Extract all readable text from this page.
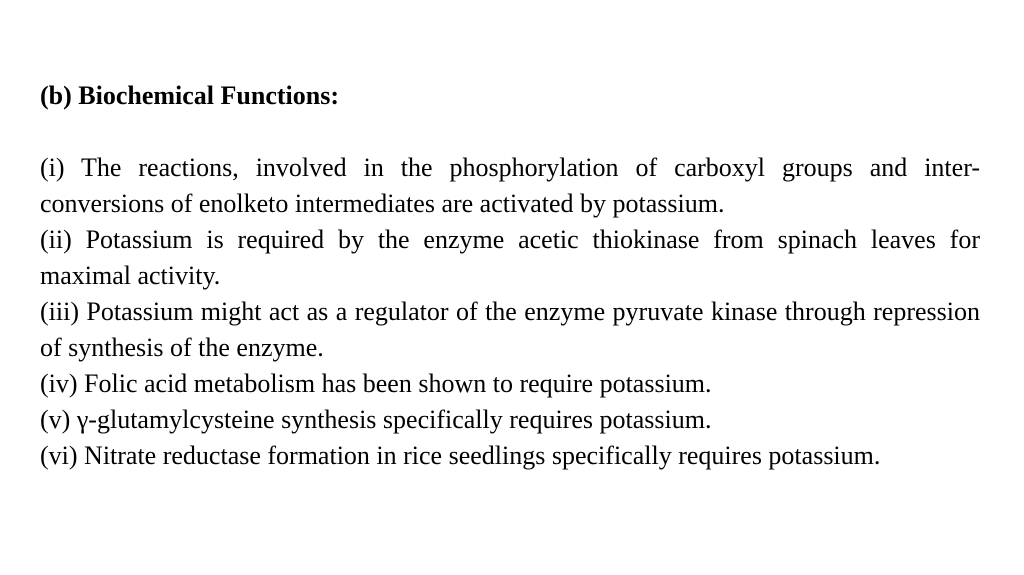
(b) Biochemical Functions:

(i) The reactions, involved in the phosphorylation of carboxyl groups and inter-conversions of enolketo intermediates are activated by potassium.

(ii) Potassium is required by the enzyme acetic thiokinase from spinach leaves for maximal activity.

(iii) Potassium might act as a regulator of the enzyme pyruvate kinase through repression of synthesis of the enzyme.

(iv) Folic acid metabolism has been shown to require potassium.

(v) γ-glutamylcysteine synthesis specifically requires potassium.

(vi) Nitrate reductase formation in rice seedlings specifically requires potassium.
